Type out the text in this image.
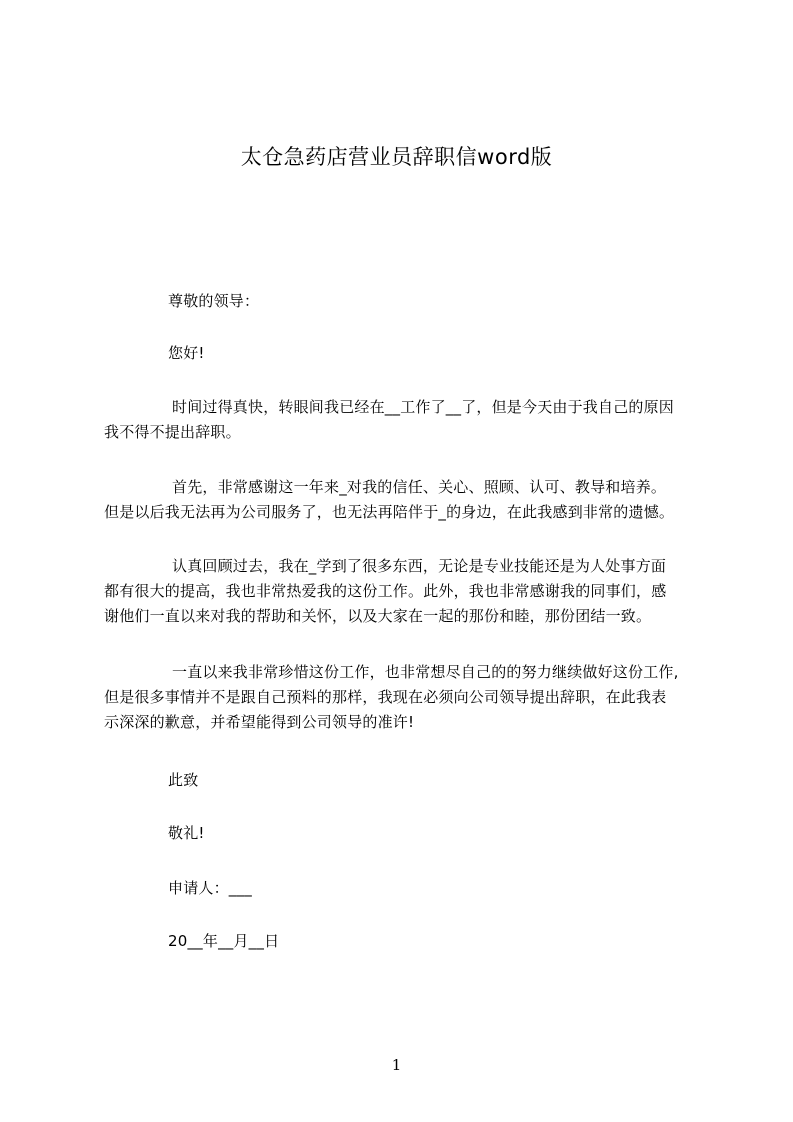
太仓急药店营业员辞职信word版
尊敬的领导：
您好!
时间过得真快，转眼间我已经在__工作了__了，但是今天由于我自己的原因
我不得不提出辞职。
首先，非常感谢这一年来_对我的信任、关心、照顾、认可、教导和培养。
但是以后我无法再为公司服务了，也无法再陪伴于_的身边，在此我感到非常的遗憾。
认真回顾过去，我在_学到了很多东西，无论是专业技能还是为人处事方面
都有很大的提高，我也非常热爱我的这份工作。此外，我也非常感谢我的同事们，感
谢他们一直以来对我的帮助和关怀，以及大家在一起的那份和睦，那份团结一致。
一直以来我非常珍惜这份工作，也非常想尽自己的的努力继续做好这份工作,
但是很多事情并不是跟自己预料的那样，我现在必须向公司领导提出辞职，在此我表
示深深的歉意，并希望能得到公司领导的准许!
此致
敬礼!
申请人：___
20__年__月__日
1
